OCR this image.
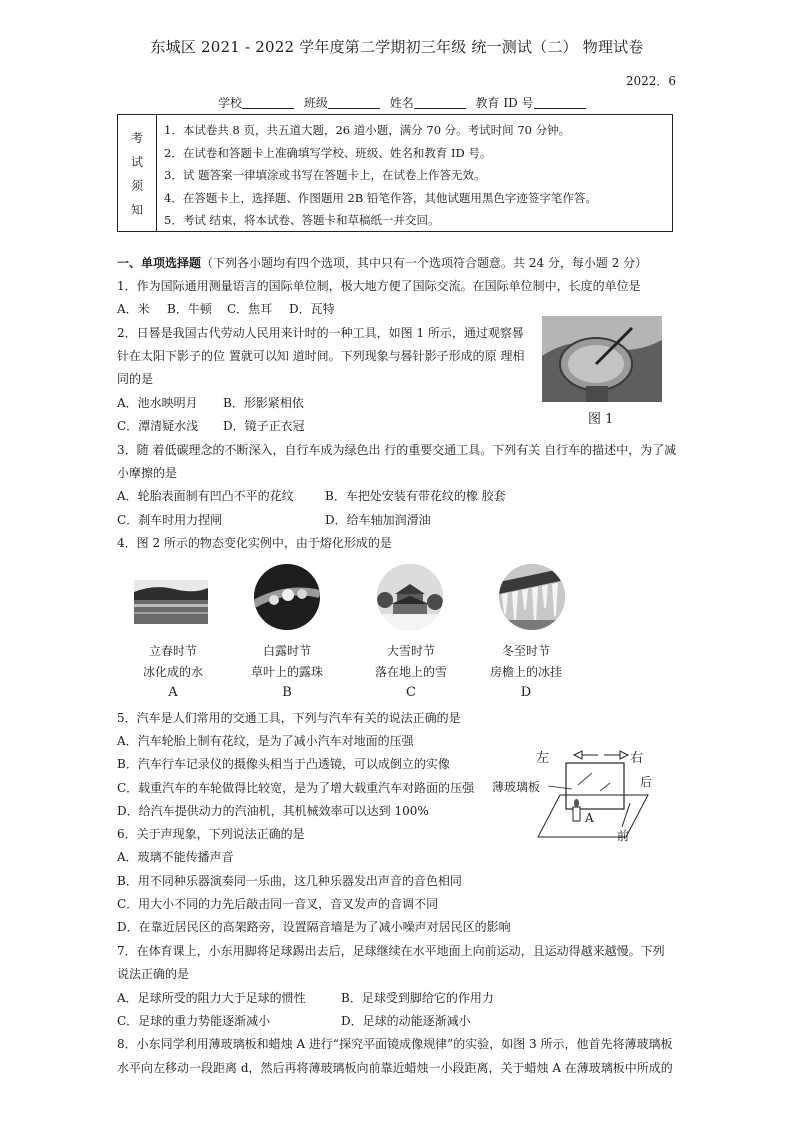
东城区 2021 - 2022 学年度第二学期初三年级 统一测试（二） 物理试卷
2022．6
学校	班级	姓名	教育 ID 号
考
试
须
知
1．本试卷共 8 页，共五道大题，26 道小题，满分 70 分。考试时间 70 分钟。
2．在试卷和答题卡上准确填写学校、班级、姓名和教育 ID 号。
3．试 题答案一律填涂或书写在答题卡上，在试卷上作答无效。
4．在答题卡上，选择题、作图题用 2B 铅笔作答，其他试题用黑色字迹签字笔作答。
5．考试 结束，将本试卷、答题卡和草稿纸一并交回。
一、单项选择题（下列各小题均有四个选项，其中只有一个选项符合题意。共 24 分，每小题 2 分）
1．作为国际通用测量语言的国际单位制，极大地方便了国际交流。在国际单位制中，长度的单位是
A．米 B．牛顿 C．焦耳 D．瓦特
2．日晷是我国古代劳动人民用来计时的一种工具，如图 1 所示，通过观察晷
针在太阳下影子的位 置就可以知 道时间。下列现象与晷针影子形成的原 理相
同的是
A．池水映明月 B．形影紧相依
C．潭清疑水浅 D．镜子正衣冠	图 1
3．随 着低碳理念的不断深入，自行车成为绿色出 行的重要交通工具。下列有关 自行车的描述中，为了减
小摩擦的是
A．轮胎表面制有凹凸不平的花纹	B．车把处安装有带花纹的橡 胶套
C．刹车时用力捏闸	D．给车轴加润滑油
4．图 2 所示的物态变化实例中，由于熔化形成的是
立春时节
冰化成的水
A
白露时节
草叶上的露珠
B
大雪时节
落在地上的雪
C
冬至时节
房檐上的冰挂
D
5．汽车是人们常用的交通工具，下列与汽车有关的说法正确的是
A．汽车轮胎上制有花纹，是为了减小汽车对地面的压强
B．汽车行车记录仪的摄像头相当于凸透镜，可以成倒立的实像
C．载重汽车的车轮做得比较宽，是为了增大载重汽车对路面的压强
D．给汽车提供动力的汽油机，其机械效率可以达到 100%
左	右
后
前
薄玻璃板
A
6．关于声现象，下列说法正确的是
A．玻璃不能传播声音
B．用不同种乐器演奏同一乐曲，这几种乐器发出声音的音色相同
C．用大小不同的力先后敲击同一音叉，音叉发声的音调不同
D．在靠近居民区的高架路旁，设置隔音墙是为了减小噪声对居民区的影响
7．在体育课上，小东用脚将足球踢出去后，足球继续在水平地面上向前运动，且运动得越来越慢。下列
说法正确的是
A．足球所受的阻力大于足球的惯性	B．足球受到脚给它的作用力
C．足球的重力势能逐渐减小	D．足球的动能逐渐减小
8．小东同学利用薄玻璃板和蜡烛 A 进行“探究平面镜成像规律”的实验，如图 3 所示，他首先将薄玻璃板
水平向左移动一段距离 d，然后再将薄玻璃板向前靠近蜡烛一小段距离，关于蜡烛 A 在薄玻璃板中所成的
